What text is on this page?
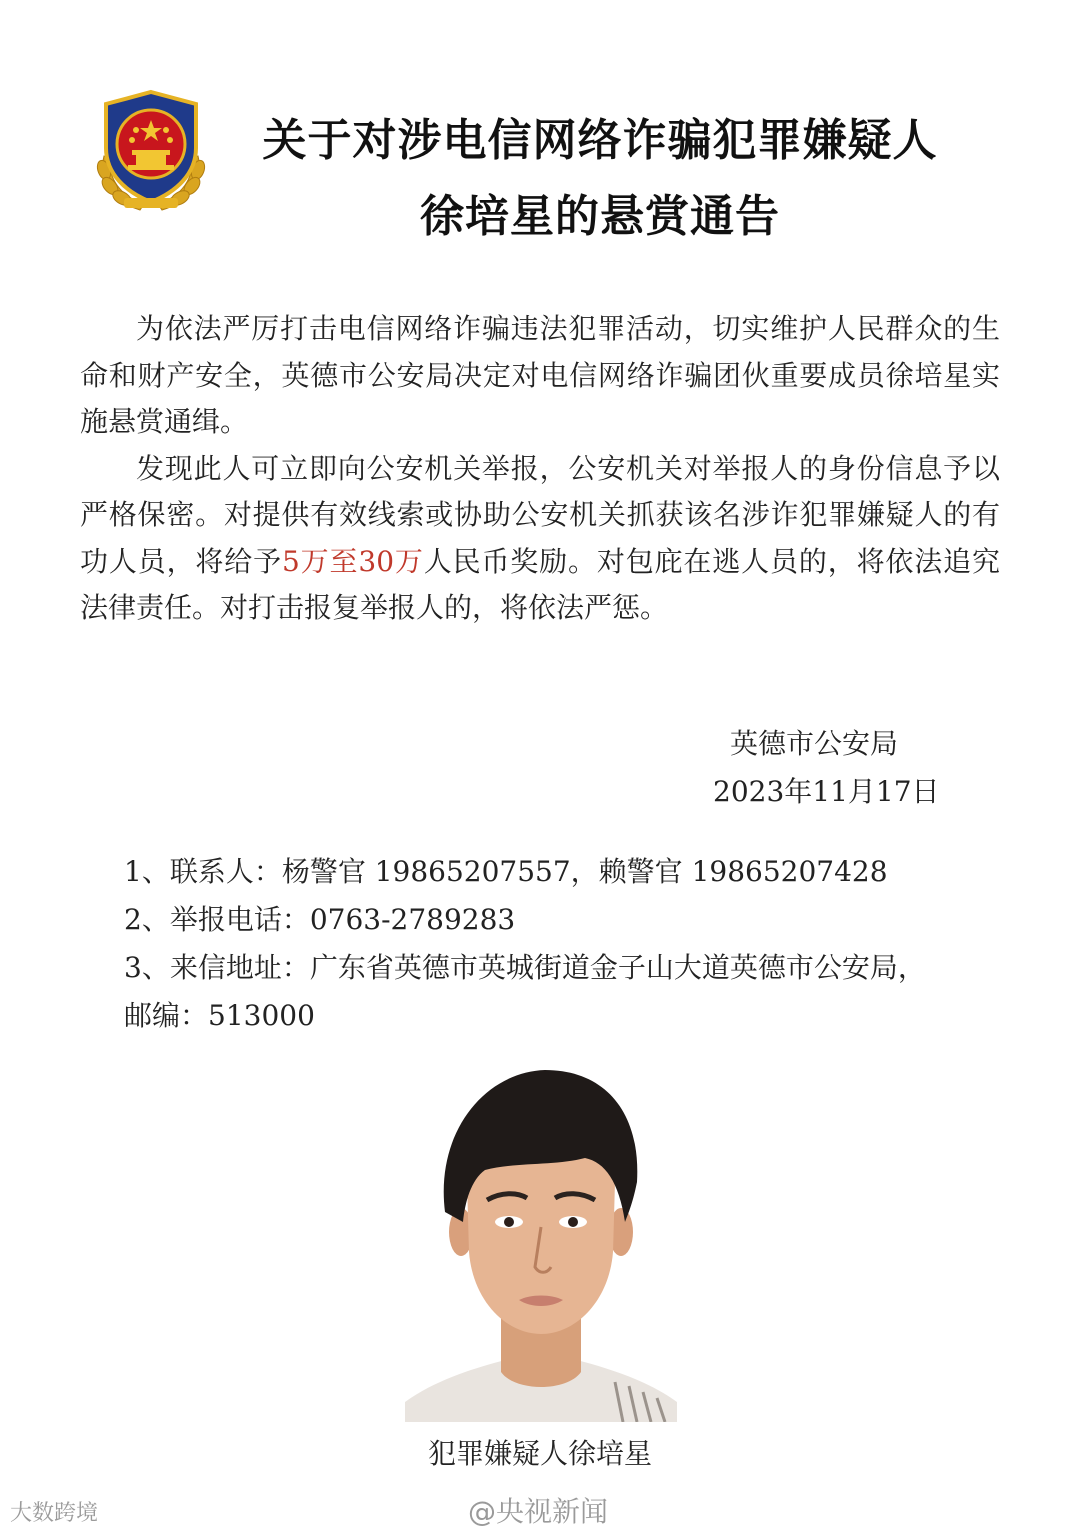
关于对涉电信网络诈骗犯罪嫌疑人
徐培星的悬赏通告

为依法严厉打击电信网络诈骗违法犯罪活动，切实维护人民群众的生命和财产安全，英德市公安局决定对电信网络诈骗团伙重要成员徐培星实施悬赏通缉。

发现此人可立即向公安机关举报，公安机关对举报人的身份信息予以严格保密。对提供有效线索或协助公安机关抓获该名涉诈犯罪嫌疑人的有功人员，将给予5万至30万人民币奖励。对包庇在逃人员的，将依法追究法律责任。对打击报复举报人的，将依法严惩。

英德市公安局
2023年11月17日
1、联系人：杨警官 19865207557，赖警官 19865207428
2、举报电话：0763-2789283
3、来信地址：广东省英德市英城街道金子山大道英德市公安局，
邮编：513000
犯罪嫌疑人徐培星
大数跨境	@央视新闻
